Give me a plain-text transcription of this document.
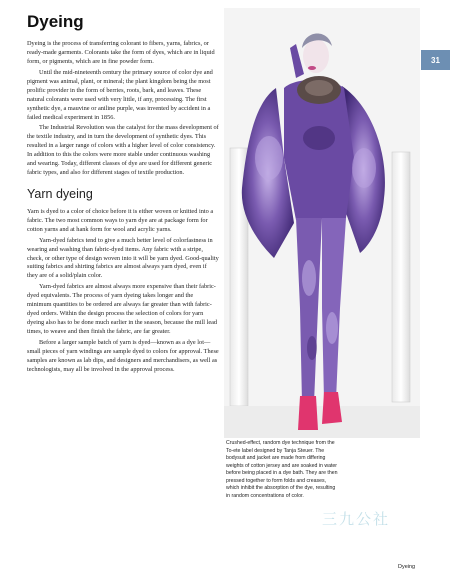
Dyeing

Dyeing is the process of transferring colorant to fibers, yarns, fabrics, or ready-made garments. Colorants take the form of dyes, which are in liquid form, or pigments, which are in fine powder form.

Until the mid-nineteenth century the primary source of color dye and pigment was animal, plant, or mineral; the plant kingdom being the most prolific provider in the form of berries, roots, bark, and leaves. These natural colorants were used with very little, if any, processing. The first synthetic dye, a mauvine or aniline purple, was invented by accident in a failed medical experiment in 1856.

The Industrial Revolution was the catalyst for the mass development of the textile industry, and in turn the development of synthetic dyes. This resulted in a larger range of colors with a higher level of color consistency. In addition to this the colors were more stable under continuous washing and wearing. Today, different classes of dye are used for different generic fabric types, and also for different stages of textile production.

Yarn dyeing

Yarn is dyed to a color of choice before it is either woven or knitted into a fabric. The two most common ways to yarn dye are at package form for cotton yarns and at hank form for wool and acrylic yarns.

Yarn-dyed fabrics tend to give a much better level of colorfastness in wearing and washing than fabric-dyed items. Any fabric with a stripe, check, or other type of design woven into it will be yarn dyed. Good-quality suiting fabrics and shirting fabrics are almost always yarn dyed, even if they are of a solid/plain color.

Yarn-dyed fabrics are almost always more expensive than their fabric-dyed equivalents. The process of yarn dyeing takes longer and the minimum quantities to be ordered are always far greater than with fabric-dyed orders. Within the design process the selection of colors for yarn dyeing also has to be done much earlier in the season, because the mill lead times, to weave and then finish the fabric, are far greater.

Before a larger sample batch of yarn is dyed—known as a dye lot—small pieces of yarn windings are sample dyed to colors for approval. These samples are known as lab dips, and designers and merchandisers, as well as technologists, may all be involved in the approval process.

31
Crushed-effect, random dye technique from the To-ete label designed by Tanja Steuer. The bodysuit and jacket are made from differing weights of cotton jersey and are soaked in water before being placed in a dye bath. They are then pressed together to form folds and creases, which inhibit the absorption of the dye, resulting in random concentrations of color.
三九公社
Dyeing
